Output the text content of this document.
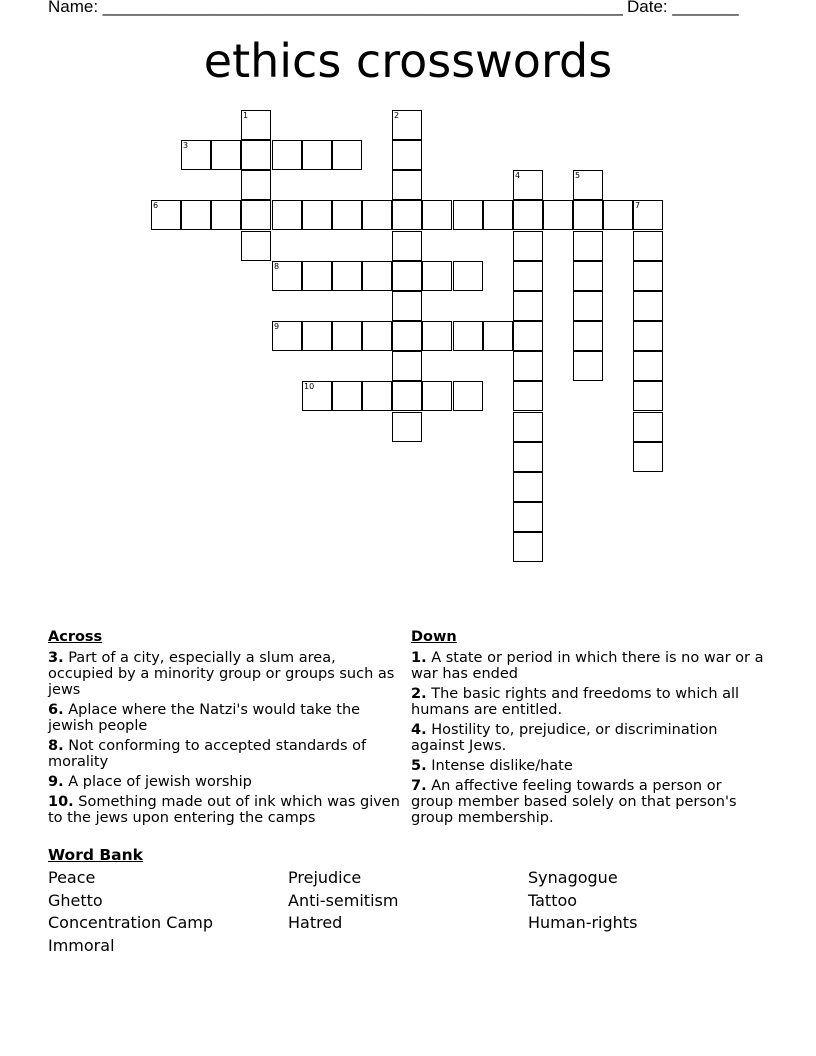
Name: _______________________________________________________ Date: _______
ethics crosswords
1	2
3
4	5
6	7
8
9
10
Across
3. Part of a city, especially a slum area, occupied by a minority group or groups such as jews
6. Aplace where the Natzi's would take the jewish people
8. Not conforming to accepted standards of morality
9. A place of jewish worship
10. Something made out of ink which was given to the jews upon entering the camps
Down
1. A state or period in which there is no war or a war has ended
2. The basic rights and freedoms to which all humans are entitled.
4. Hostility to, prejudice, or discrimination against Jews.
5. Intense dislike/hate
7. An affective feeling towards a person or group member based solely on that person's group membership.
Word Bank
Peace
Ghetto
Concentration Camp
Immoral
Prejudice
Anti-semitism
Hatred
Synagogue
Tattoo
Human-rights
